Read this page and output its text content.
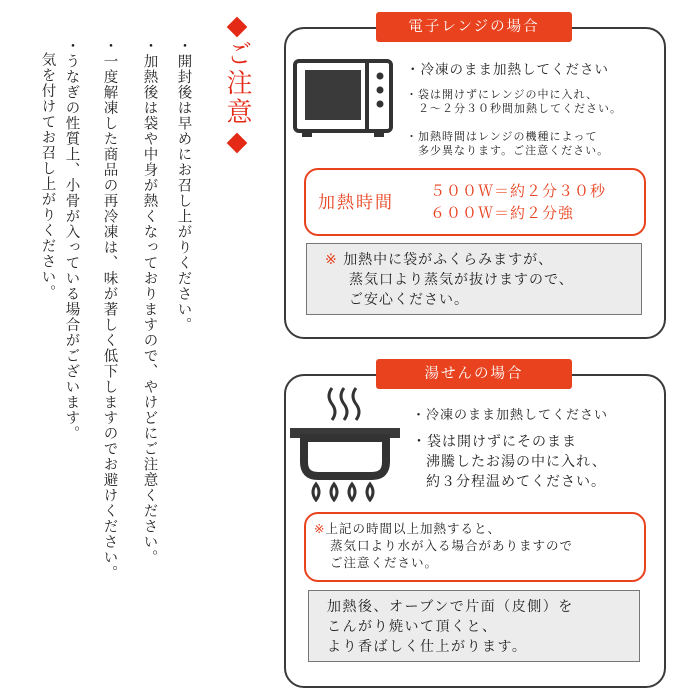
・開封後は早めにお召し上がりください。
・加熱後は袋や中身が熱くなっておりますので、やけどにご注意ください。
・一度解凍した商品の再冷凍は、味が著しく低下しますのでお避けください。
・うなぎの性質上、小骨が入っている場合がございます。
気を付けてお召し上がりください。
◆
ご注意
◆
電子レンジの場合
・冷凍のまま加熱してください
・袋は開けずにレンジの中に入れ、
２〜２分３０秒間加熱してください。
・加熱時間はレンジの機種によって
多少異なります。ご注意ください。
加熱時間
５００Ｗ＝約２分３０秒
６００Ｗ＝約２分強
※ 加熱中に袋がふくらみますが、
蒸気口より蒸気が抜けますので、
ご安心ください。
湯せんの場合
・冷凍のまま加熱してください
・袋は開けずにそのまま
沸騰したお湯の中に入れ、
約３分程温めてください。
※上記の時間以上加熱すると、
蒸気口より水が入る場合がありますので
ご注意ください。
加熱後、オーブンで片面（皮側）を
こんがり焼いて頂くと、
より香ばしく仕上がります。
